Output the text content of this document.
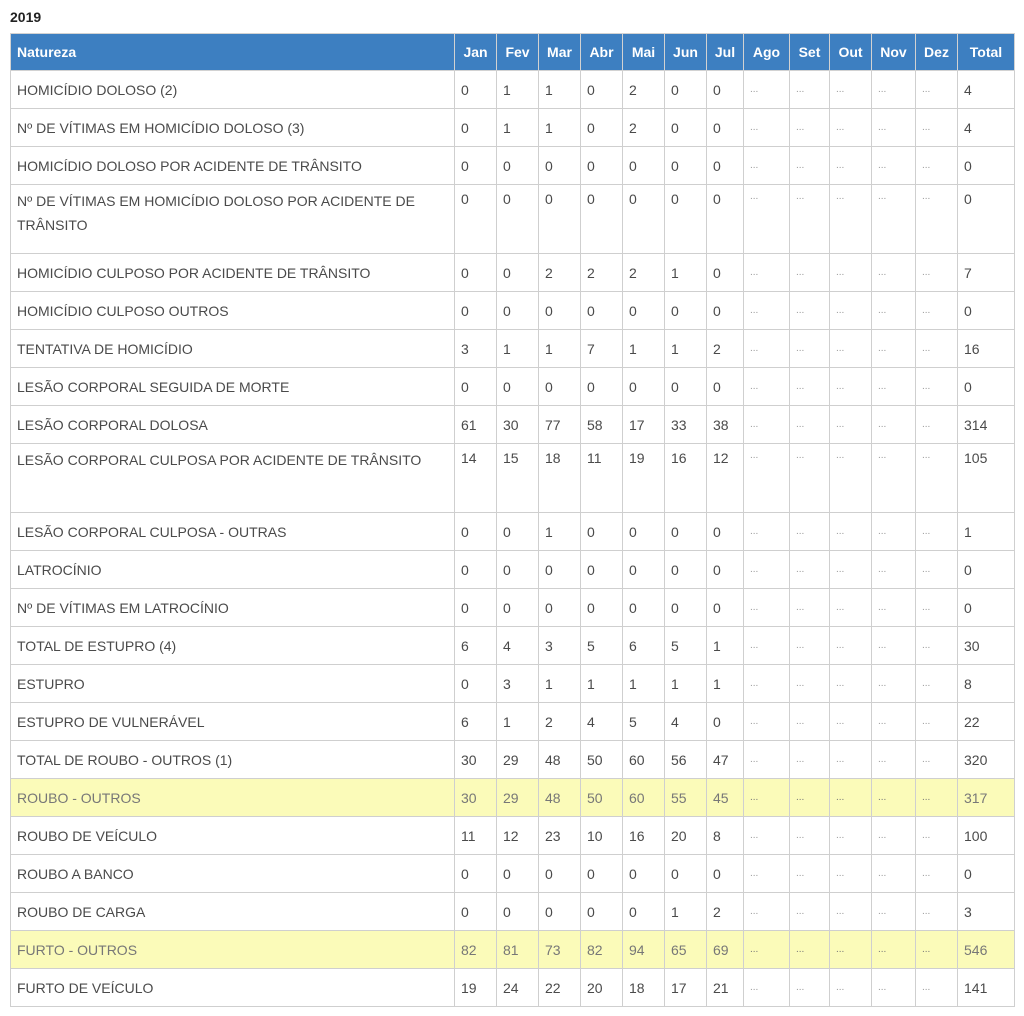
2019
Natureza	Jan	Fev	Mar	Abr	Mai	Jun	Jul	Ago	Set	Out	Nov	Dez	Total
HOMICÍDIO DOLOSO (2)	0	1	1	0	2	0	0	...	...	...	...	...	4
Nº DE VÍTIMAS EM HOMICÍDIO DOLOSO (3)	0	1	1	0	2	0	0	...	...	...	...	...	4
HOMICÍDIO DOLOSO POR ACIDENTE DE TRÂNSITO	0	0	0	0	0	0	0	...	...	...	...	...	0
Nº DE VÍTIMAS EM HOMICÍDIO DOLOSO POR ACIDENTE DE TRÂNSITO	0	0	0	0	0	0	0	...	...	...	...	...	0
HOMICÍDIO CULPOSO POR ACIDENTE DE TRÂNSITO	0	0	2	2	2	1	0	...	...	...	...	...	7
HOMICÍDIO CULPOSO OUTROS	0	0	0	0	0	0	0	...	...	...	...	...	0
TENTATIVA DE HOMICÍDIO	3	1	1	7	1	1	2	...	...	...	...	...	16
LESÃO CORPORAL SEGUIDA DE MORTE	0	0	0	0	0	0	0	...	...	...	...	...	0
LESÃO CORPORAL DOLOSA	61	30	77	58	17	33	38	...	...	...	...	...	314
LESÃO CORPORAL CULPOSA POR ACIDENTE DE TRÂNSITO	14	15	18	11	19	16	12	...	...	...	...	...	105
LESÃO CORPORAL CULPOSA - OUTRAS	0	0	1	0	0	0	0	...	...	...	...	...	1
LATROCÍNIO	0	0	0	0	0	0	0	...	...	...	...	...	0
Nº DE VÍTIMAS EM LATROCÍNIO	0	0	0	0	0	0	0	...	...	...	...	...	0
TOTAL DE ESTUPRO (4)	6	4	3	5	6	5	1	...	...	...	...	...	30
ESTUPRO	0	3	1	1	1	1	1	...	...	...	...	...	8
ESTUPRO DE VULNERÁVEL	6	1	2	4	5	4	0	...	...	...	...	...	22
TOTAL DE ROUBO - OUTROS (1)	30	29	48	50	60	56	47	...	...	...	...	...	320
ROUBO - OUTROS	30	29	48	50	60	55	45	...	...	...	...	...	317
ROUBO DE VEÍCULO	11	12	23	10	16	20	8	...	...	...	...	...	100
ROUBO A BANCO	0	0	0	0	0	0	0	...	...	...	...	...	0
ROUBO DE CARGA	0	0	0	0	0	1	2	...	...	...	...	...	3
FURTO - OUTROS	82	81	73	82	94	65	69	...	...	...	...	...	546
FURTO DE VEÍCULO	19	24	22	20	18	17	21	...	...	...	...	...	141
